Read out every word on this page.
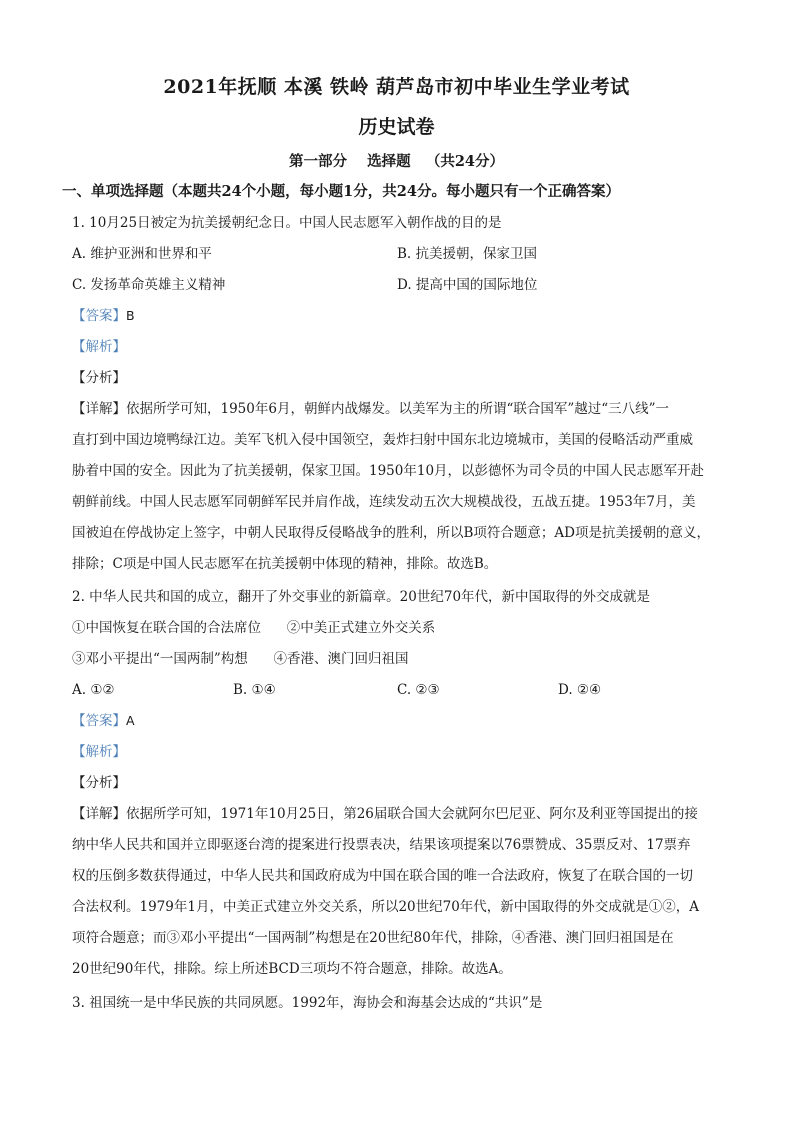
2021年抚顺 本溪 铁岭 葫芦岛市初中毕业生学业考试
历史试卷
第一部分    选择题   （共24分）
一、单项选择题（本题共24个小题，每小题1分，共24分。每小题只有一个正确答案）
1. 10月25日被定为抗美援朝纪念日。中国人民志愿军入朝作战的目的是
A. 维护亚洲和世界和平	B. 抗美援朝，保家卫国
C. 发扬革命英雄主义精神	D. 提高中国的国际地位
【答案】B
【解析】
【分析】
【详解】依据所学可知，1950年6月，朝鲜内战爆发。以美军为主的所谓“联合国军”越过“三八线”一
直打到中国边境鸭绿江边。美军飞机入侵中国领空，轰炸扫射中国东北边境城市，美国的侵略活动严重威
胁着中国的安全。因此为了抗美援朝，保家卫国。1950年10月，以彭德怀为司令员的中国人民志愿军开赴
朝鲜前线。中国人民志愿军同朝鲜军民并肩作战，连续发动五次大规模战役，五战五捷。1953年7月，美
国被迫在停战协定上签字，中朝人民取得反侵略战争的胜利，所以B项符合题意；AD项是抗美援朝的意义，
排除；C项是中国人民志愿军在抗美援朝中体现的精神，排除。故选B。
2. 中华人民共和国的成立，翻开了外交事业的新篇章。20世纪70年代，新中国取得的外交成就是
①中国恢复在联合国的合法席位      ②中美正式建立外交关系
③邓小平提出“一国两制”构想      ④香港、澳门回归祖国
A. ①②	B. ①④	C. ②③	D. ②④
【答案】A
【解析】
【分析】
【详解】依据所学可知，1971年10月25日，第26届联合国大会就阿尔巴尼亚、阿尔及利亚等国提出的接
纳中华人民共和国并立即驱逐台湾的提案进行投票表决，结果该项提案以76票赞成、35票反对、17票弃
权的压倒多数获得通过，中华人民共和国政府成为中国在联合国的唯一合法政府，恢复了在联合国的一切
合法权利。1979年1月，中美正式建立外交关系，所以20世纪70年代，新中国取得的外交成就是①②，A
项符合题意；而③邓小平提出“一国两制”构想是在20世纪80年代，排除，④香港、澳门回归祖国是在
20世纪90年代，排除。综上所述BCD三项均不符合题意，排除。故选A。
3. 祖国统一是中华民族的共同夙愿。1992年，海协会和海基会达成的“共识”是
